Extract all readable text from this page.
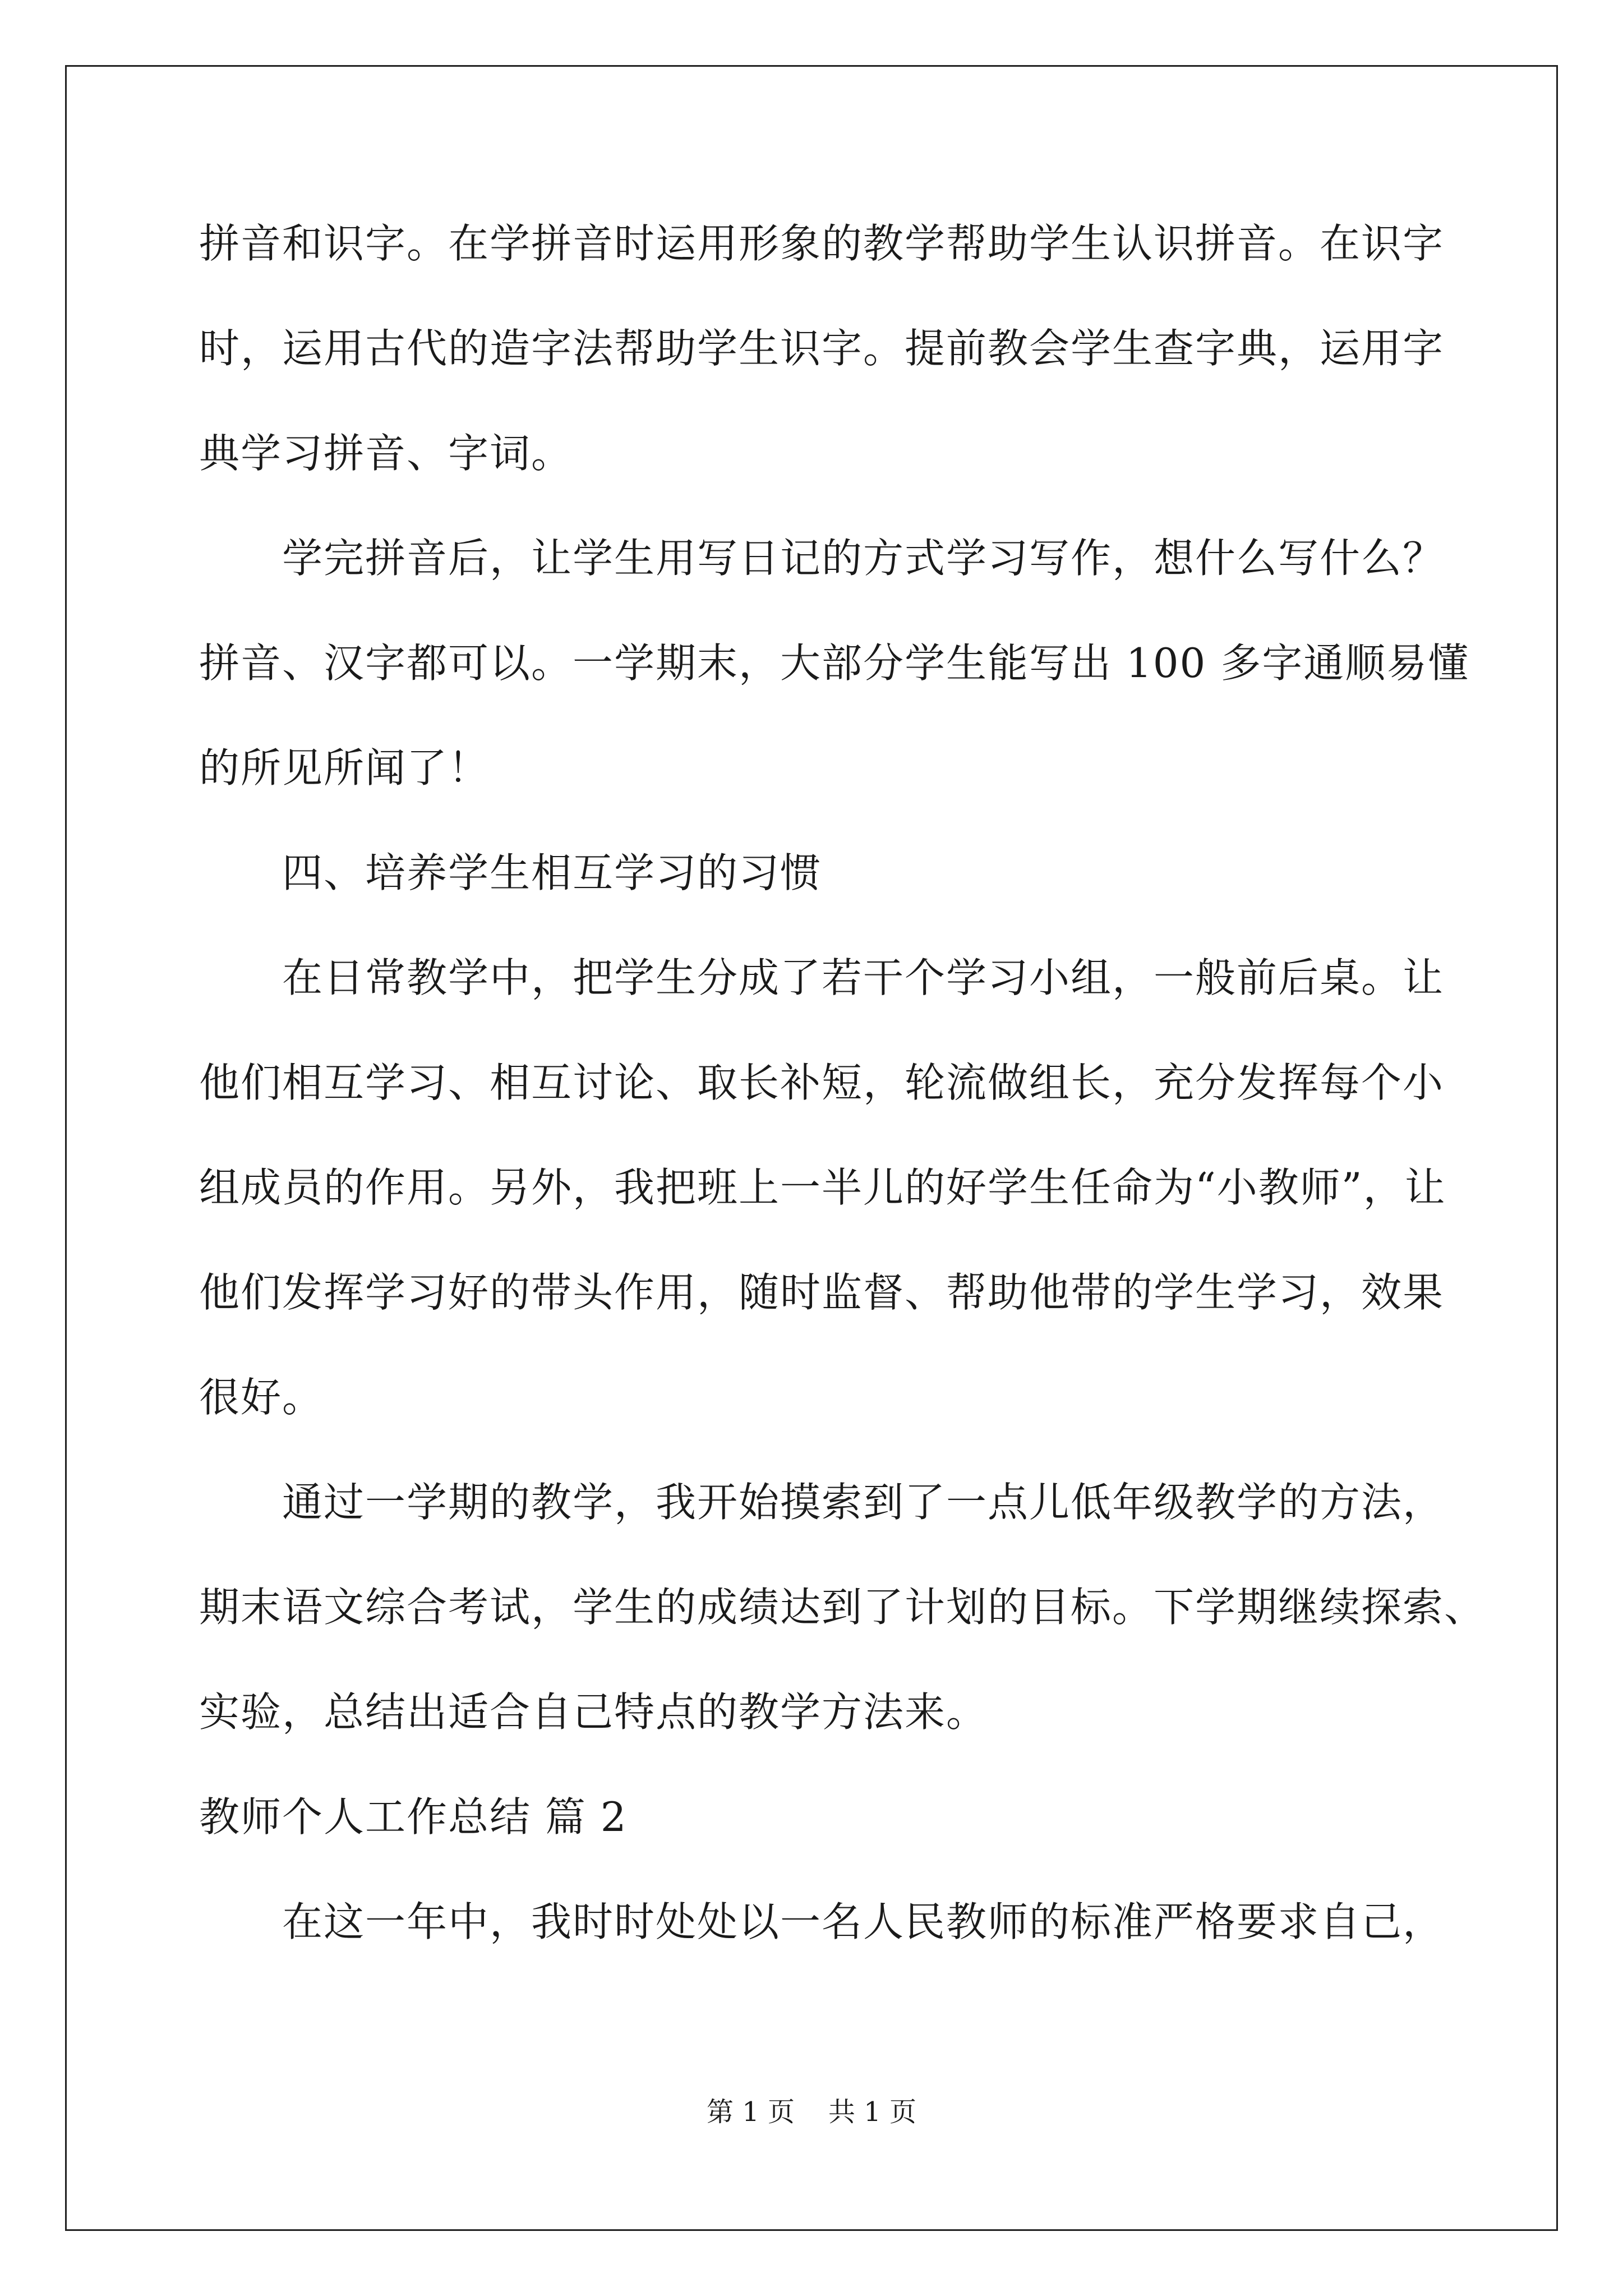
拼音和识字。在学拼音时运用形象的教学帮助学生认识拼音。在识字
时，运用古代的造字法帮助学生识字。提前教会学生查字典，运用字
典学习拼音、字词。
学完拼音后，让学生用写日记的方式学习写作，想什么写什么？
拼音、汉字都可以。一学期末，大部分学生能写出 100 多字通顺易懂
的所见所闻了！
四、培养学生相互学习的习惯
在日常教学中，把学生分成了若干个学习小组，一般前后桌。让
他们相互学习、相互讨论、取长补短，轮流做组长，充分发挥每个小
组成员的作用。另外，我把班上一半儿的好学生任命为“小教师”，让
他们发挥学习好的带头作用，随时监督、帮助他带的学生学习，效果
很好。
通过一学期的教学，我开始摸索到了一点儿低年级教学的方法，
期末语文综合考试，学生的成绩达到了计划的目标。下学期继续探索、
实验，总结出适合自己特点的教学方法来。
教师个人工作总结 篇 2
在这一年中，我时时处处以一名人民教师的标准严格要求自己，
第 1 页 共 1 页
